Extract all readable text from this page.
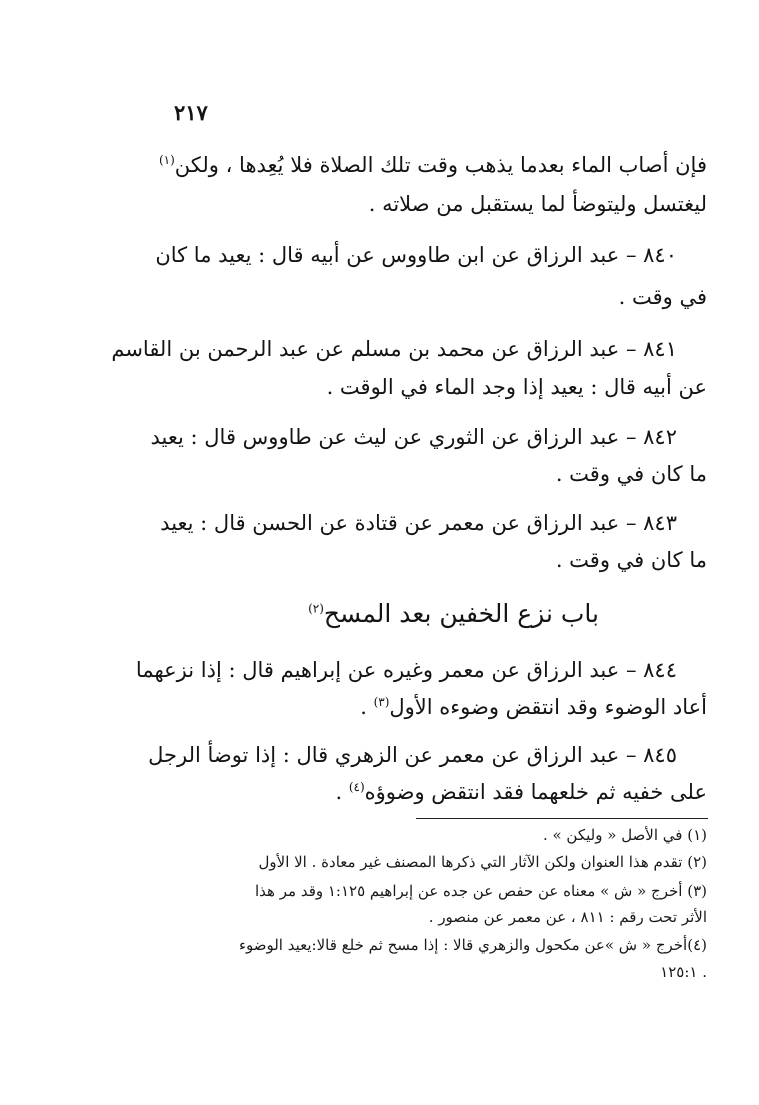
٢١٧
فإن أصاب الماء بعدما يذهب وقت تلك الصلاة فلا يُعِدها ، ولكن$^{(١)}$
ليغتسل وليتوضأ لما يستقبل من صلاته .
٨٤٠ – عبد الرزاق عن ابن طاووس عن أبيه قال : يعيد ما كان
في وقت .
٨٤١ – عبد الرزاق عن محمد بن مسلم عن عبد الرحمن بن القاسم
عن أبيه قال : يعيد إذا وجد الماء في الوقت .
٨٤٢ – عبد الرزاق عن الثوري عن ليث عن طاووس قال : يعيد
ما كان في وقت .
٨٤٣ – عبد الرزاق عن معمر عن قتادة عن الحسن قال : يعيد
ما كان في وقت .
باب نزع الخفين بعد المسح$^{(٢)}$
٨٤٤ – عبد الرزاق عن معمر وغيره عن إبراهيم قال : إذا نزعهما
أعاد الوضوء وقد انتقض وضوءه الأول$^{(٣)}$ .
٨٤٥ – عبد الرزاق عن معمر عن الزهري قال : إذا توضأ الرجل
على خفيه ثم خلعهما فقد انتقض وضوؤه$^{(٤)}$ .
(١) في الأصل « وليكن » .
(٢) تقدم هذا العنوان ولكن الآثار التي ذكرها المصنف غير معادة . الا الأول
(٣) أخرج « ش » معناه عن حفص عن جده عن إبراهيم ١:١٢٥ وقد مر هذا
الأثر تحت رقم : ٨١١ ، عن معمر عن منصور .
(٤)أخرج « ش »عن مكحول والزهري قالا : إذا مسح ثم خلع قالا:يعيد الوضوء
. ١٢٥:١
